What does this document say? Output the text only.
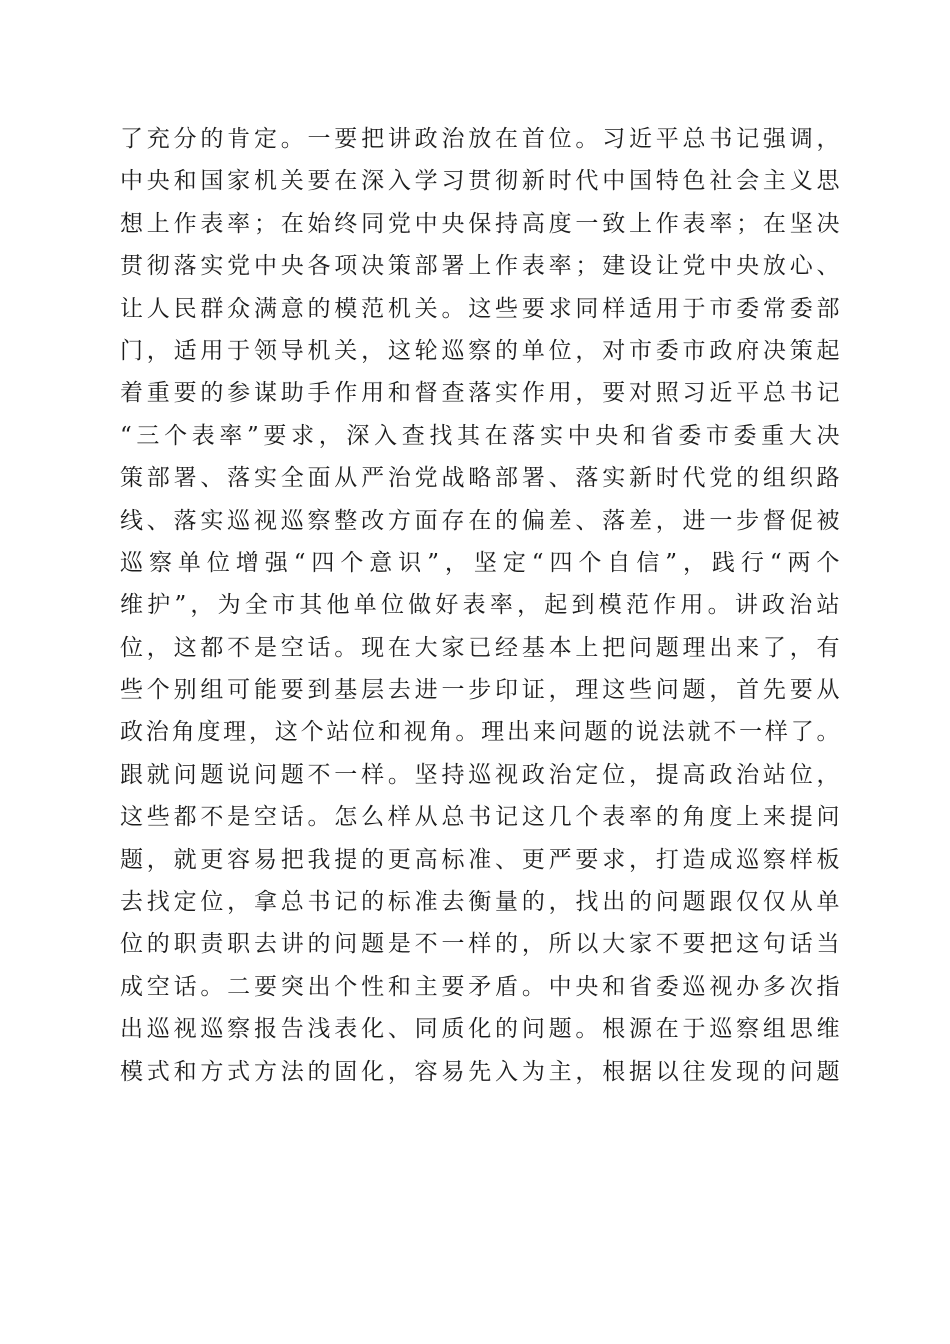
了充分的肯定。一要把讲政治放在首位。习近平总书记强调，
中央和国家机关要在深入学习贯彻新时代中国特色社会主义思
想上作表率；在始终同党中央保持高度一致上作表率；在坚决
贯彻落实党中央各项决策部署上作表率；建设让党中央放心、
让人民群众满意的模范机关。这些要求同样适用于市委常委部
门，适用于领导机关，这轮巡察的单位，对市委市政府决策起
着重要的参谋助手作用和督查落实作用，要对照习近平总书记
“三个表率”要求，深入查找其在落实中央和省委市委重大决
策部署、落实全面从严治党战略部署、落实新时代党的组织路
线、落实巡视巡察整改方面存在的偏差、落差，进一步督促被
巡察单位增强“四个意识”，坚定“四个自信”，践行“两个
维护”，为全市其他单位做好表率，起到模范作用。讲政治站
位，这都不是空话。现在大家已经基本上把问题理出来了，有
些个别组可能要到基层去进一步印证，理这些问题，首先要从
政治角度理，这个站位和视角。理出来问题的说法就不一样了。
跟就问题说问题不一样。坚持巡视政治定位，提高政治站位，
这些都不是空话。怎么样从总书记这几个表率的角度上来提问
题，就更容易把我提的更高标准、更严要求，打造成巡察样板
去找定位，拿总书记的标准去衡量的，找出的问题跟仅仅从单
位的职责职去讲的问题是不一样的，所以大家不要把这句话当
成空话。二要突出个性和主要矛盾。中央和省委巡视办多次指
出巡视巡察报告浅表化、同质化的问题。根源在于巡察组思维
模式和方式方法的固化，容易先入为主，根据以往发现的问题
